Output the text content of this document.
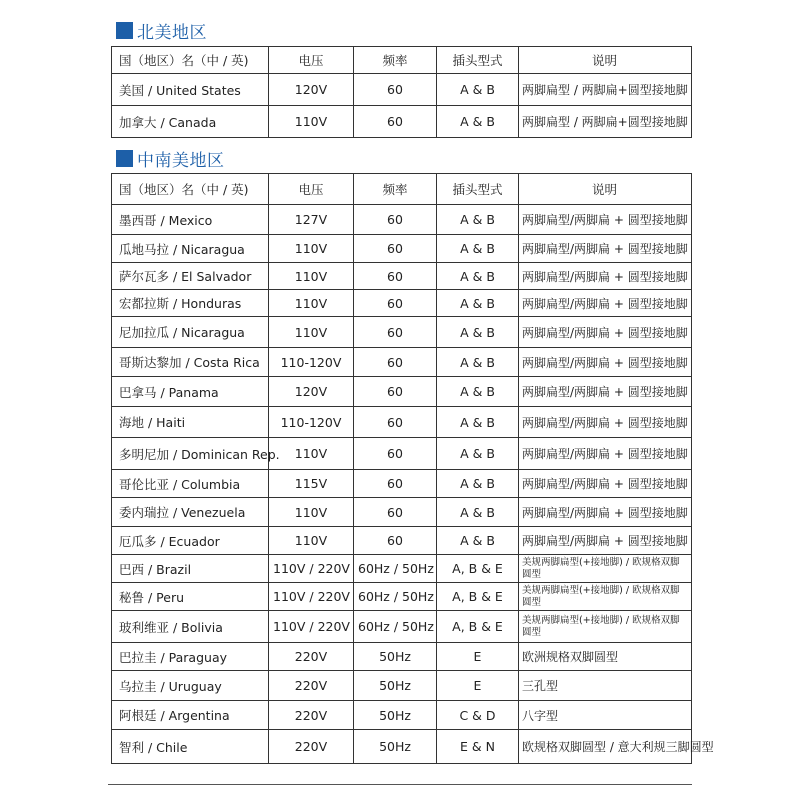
北美地区
国（地区）名（中 / 英)	电压	频率	插头型式	说明
美国 / United States	120V	60	A & B	两脚扁型 / 两脚扁+圆型接地脚
加拿大 / Canada	110V	60	A & B	两脚扁型 / 两脚扁+圆型接地脚
中南美地区
国（地区）名（中 / 英)	电压	频率	插头型式	说明
墨西哥 / Mexico	127V	60	A & B	两脚扁型/两脚扁 + 圆型接地脚
瓜地马拉 / Nicaragua	110V	60	A & B	两脚扁型/两脚扁 + 圆型接地脚
萨尔瓦多 / El Salvador	110V	60	A & B	两脚扁型/两脚扁 + 圆型接地脚
宏都拉斯 / Honduras	110V	60	A & B	两脚扁型/两脚扁 + 圆型接地脚
尼加拉瓜 / Nicaragua	110V	60	A & B	两脚扁型/两脚扁 + 圆型接地脚
哥斯达黎加 / Costa Rica	110-120V	60	A & B	两脚扁型/两脚扁 + 圆型接地脚
巴拿马 / Panama	120V	60	A & B	两脚扁型/两脚扁 + 圆型接地脚
海地 / Haiti	110-120V	60	A & B	两脚扁型/两脚扁 + 圆型接地脚
多明尼加 / Dominican Rep.	110V	60	A & B	两脚扁型/两脚扁 + 圆型接地脚
哥伦比亚 / Columbia	115V	60	A & B	两脚扁型/两脚扁 + 圆型接地脚
委内瑞拉 / Venezuela	110V	60	A & B	两脚扁型/两脚扁 + 圆型接地脚
厄瓜多 / Ecuador	110V	60	A & B	两脚扁型/两脚扁 + 圆型接地脚
巴西 / Brazil	110V / 220V	60Hz / 50Hz	A, B & E	美规两脚扁型(+接地脚) / 欧规格双脚圆型
秘鲁 / Peru	110V / 220V	60Hz / 50Hz	A, B & E	美规两脚扁型(+接地脚) / 欧规格双脚圆型
玻利维亚 / Bolivia	110V / 220V	60Hz / 50Hz	A, B & E	美规两脚扁型(+接地脚) / 欧规格双脚圆型
巴拉圭 / Paraguay	220V	50Hz	E	欧洲规格双脚圆型
乌拉圭 / Uruguay	220V	50Hz	E	三孔型
阿根廷 / Argentina	220V	50Hz	C & D	八字型
智利 / Chile	220V	50Hz	E & N	欧规格双脚圆型 / 意大利规三脚圆型
